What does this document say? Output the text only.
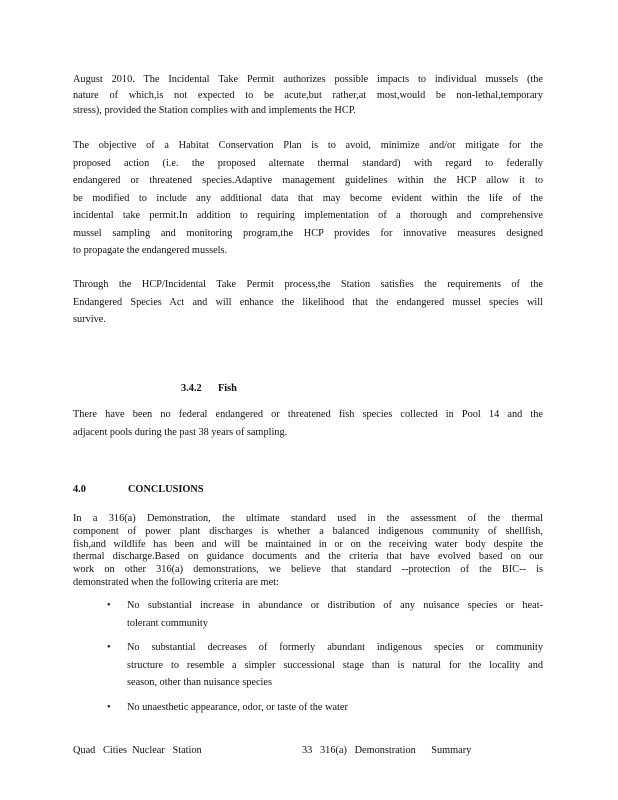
August 2010. The Incidental Take Permit authorizes possible impacts to individual mussels (the
nature of which,is not expected to be acute,but rather,at most,would be non-lethal,temporary
stress), provided the Station complies with and implements the HCP.

The objective of a Habitat Conservation Plan is to avoid, minimize and/or mitigate for the
proposed action (i.e. the proposed alternate thermal standard) with regard to federally
endangered or threatened species.Adaptive management guidelines within the HCP allow it to
be modified to include any additional data that may become evident within the life of the
incidental take permit.In addition to requiring implementation of a thorough and comprehensive
mussel sampling and monitoring program,the HCP provides for innovative measures designed
to propagate the endangered mussels.

Through the HCP/Incidental Take Permit process,the Station satisfies the requirements of the
Endangered Species Act and will enhance the likelihood that the endangered mussel species will
survive.

3.4.2 Fish

There have been no federal endangered or threatened fish species collected in Pool 14 and the
adjacent pools during the past 38 years of sampling.

4.0	CONCLUSIONS

In a 316(a) Demonstration, the ultimate standard used in the assessment of the thermal
component of power plant discharges is whether a balanced indigenous community of shellfish,
fish,and wildlife has been and will be maintained in or on the receiving water body despite the
thermal discharge.Based on guidance documents and the criteria that have evolved based on our
work on other 316(a) demonstrations, we believe that standard --protection of the BIC-- is
demonstrated when the following criteria are met:

• No substantial increase in abundance or distribution of any nuisance species or heat-
tolerant community
• No substantial decreases of formerly abundant indigenous species or community
structure to resemble a simpler successional stage than is natural for the locality and
season, other than nuisance species
• No unaesthetic appearance, odor, or taste of the water
Quad   Cities  Nuclear   Station	33   316(a)   Demonstration      Summary
